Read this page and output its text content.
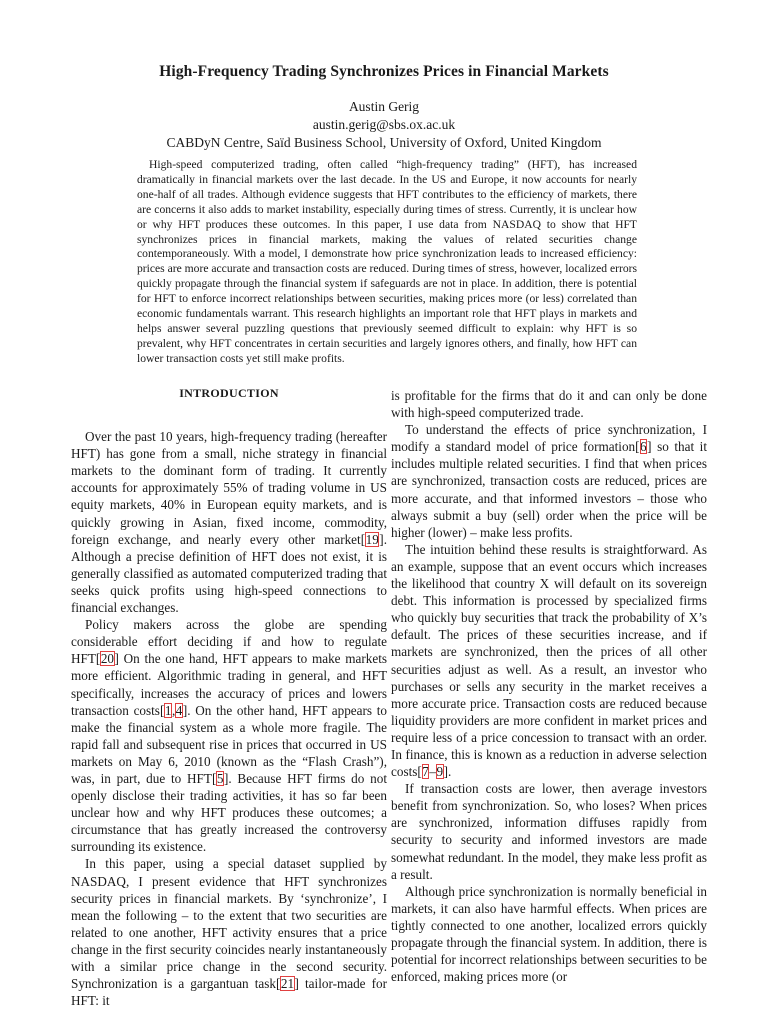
High-Frequency Trading Synchronizes Prices in Financial Markets
Austin Gerig
austin.gerig@sbs.ox.ac.uk
CABDyN Centre, Saïd Business School, University of Oxford, United Kingdom
High-speed computerized trading, often called “high-frequency trading” (HFT), has increased dramatically in financial markets over the last decade. In the US and Europe, it now accounts for nearly one-half of all trades. Although evidence suggests that HFT contributes to the efficiency of markets, there are concerns it also adds to market instability, especially during times of stress. Currently, it is unclear how or why HFT produces these outcomes. In this paper, I use data from NASDAQ to show that HFT synchronizes prices in financial markets, making the values of related securities change contemporaneously. With a model, I demonstrate how price synchronization leads to increased efficiency: prices are more accurate and transaction costs are reduced. During times of stress, however, localized errors quickly propagate through the financial system if safeguards are not in place. In addition, there is potential for HFT to enforce incorrect relationships between securities, making prices more (or less) correlated than economic fundamentals warrant. This research highlights an important role that HFT plays in markets and helps answer several puzzling questions that previously seemed difficult to explain: why HFT is so prevalent, why HFT concentrates in certain securities and largely ignores others, and finally, how HFT can lower transaction costs yet still make profits.
INTRODUCTION

Over the past 10 years, high-frequency trading (hereafter HFT) has gone from a small, niche strategy in financial markets to the dominant form of trading. It currently accounts for approximately 55% of trading volume in US equity markets, 40% in European equity markets, and is quickly growing in Asian, fixed income, commodity, foreign exchange, and nearly every other market[19]. Although a precise definition of HFT does not exist, it is generally classified as automated computerized trading that seeks quick profits using high-speed connections to financial exchanges.

Policy makers across the globe are spending considerable effort deciding if and how to regulate HFT[20] On the one hand, HFT appears to make markets more efficient. Algorithmic trading in general, and HFT specifically, increases the accuracy of prices and lowers transaction costs[1,4]. On the other hand, HFT appears to make the financial system as a whole more fragile. The rapid fall and subsequent rise in prices that occurred in US markets on May 6, 2010 (known as the “Flash Crash”), was, in part, due to HFT[5]. Because HFT firms do not openly disclose their trading activities, it has so far been unclear how and why HFT produces these outcomes; a circumstance that has greatly increased the controversy surrounding its existence.

In this paper, using a special dataset supplied by NASDAQ, I present evidence that HFT synchronizes security prices in financial markets. By ‘synchronize’, I mean the following – to the extent that two securities are related to one another, HFT activity ensures that a price change in the first security coincides nearly instantaneously with a similar price change in the second security. Synchronization is a gargantuan task[21] tailor-made for HFT: it

is profitable for the firms that do it and can only be done with high-speed computerized trade.

To understand the effects of price synchronization, I modify a standard model of price formation[6] so that it includes multiple related securities. I find that when prices are synchronized, transaction costs are reduced, prices are more accurate, and that informed investors – those who always submit a buy (sell) order when the price will be higher (lower) – make less profits.

The intuition behind these results is straightforward. As an example, suppose that an event occurs which increases the likelihood that country X will default on its sovereign debt. This information is processed by specialized firms who quickly buy securities that track the probability of X’s default. The prices of these securities increase, and if markets are synchronized, then the prices of all other securities adjust as well. As a result, an investor who purchases or sells any security in the market receives a more accurate price. Transaction costs are reduced because liquidity providers are more confident in market prices and require less of a price concession to transact with an order. In finance, this is known as a reduction in adverse selection costs[7–9].

If transaction costs are lower, then average investors benefit from synchronization. So, who loses? When prices are synchronized, information diffuses rapidly from security to security and informed investors are made somewhat redundant. In the model, they make less profit as a result.

Although price synchronization is normally beneficial in markets, it can also have harmful effects. When prices are tightly connected to one another, localized errors quickly propagate through the financial system. In addition, there is potential for incorrect relationships between securities to be enforced, making prices more (or
